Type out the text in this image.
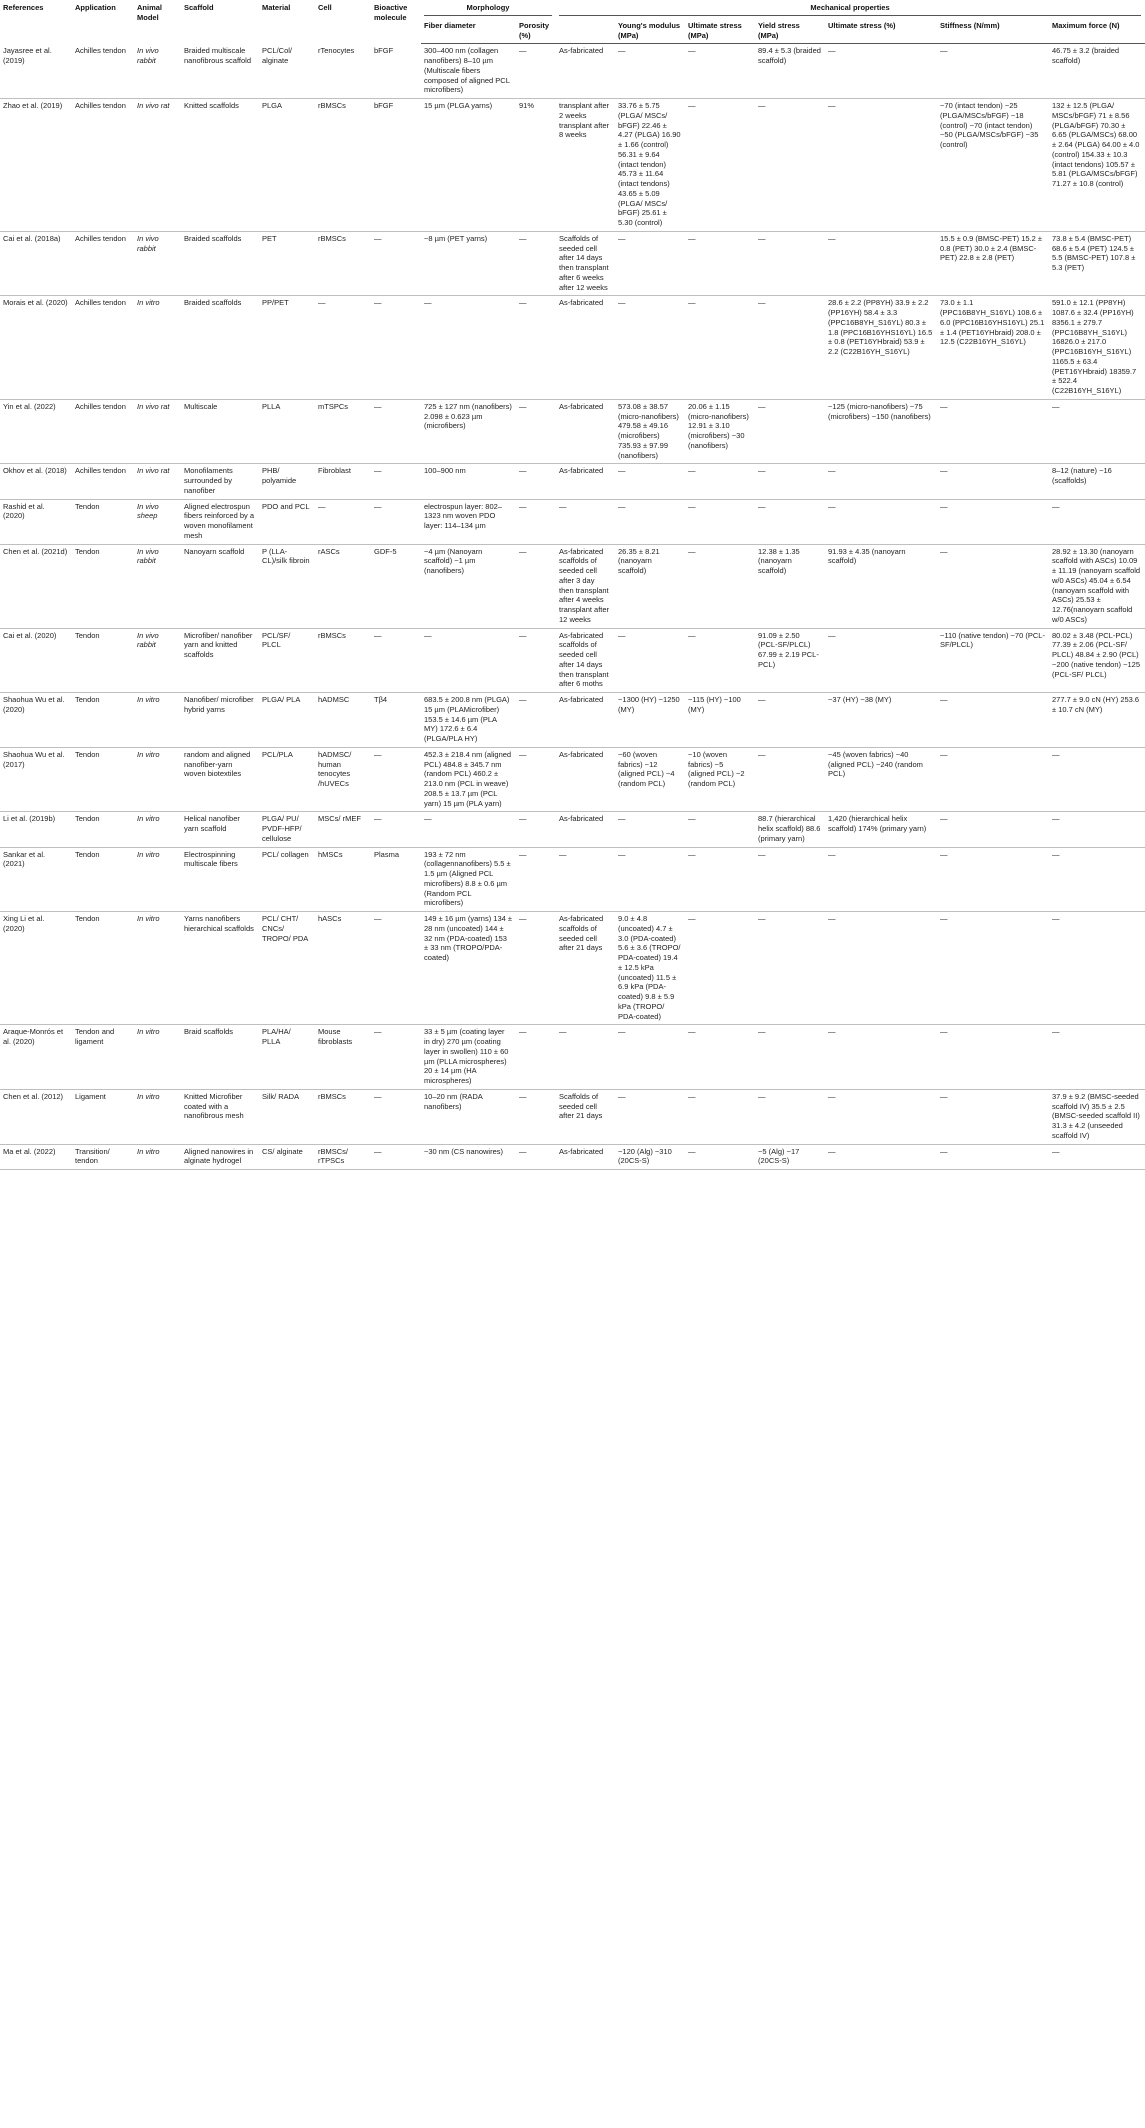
References	Application	Animal Model	Scaffold	Material	Cell	Bioactive molecule	Morphology		Mechanical properties						

							Fiber diameter	Porosity (%)		Young's modulus (MPa)	Ultimate stress (MPa)	Yield stress (MPa)	Ultimate stress (%)	Stiffness (N/mm)	Maximum force (N)
Jayasree et al. (2019)	Achilles tendon	In vivo rabbit	Braided multiscale nanofibrous scaffold	PCL/Col/ alginate	rTenocytes	bFGF	300–400 nm (collagen nanofibers) 8–10 µm (Multiscale fibers composed of aligned PCL microfibers)	—	As-fabricated	—	—	89.4 ± 5.3 (braided scaffold)	—	—	46.75 ± 3.2 (braided scaffold)
Zhao et al. (2019)	Achilles tendon	In vivo rat	Knitted scaffolds	PLGA	rBMSCs	bFGF	15 µm (PLGA yarns)	91%	transplant after 2 weeks transplant after 8 weeks	33.76 ± 5.75 (PLGA/ MSCs/ bFGF) 22.46 ± 4.27 (PLGA) 16.90 ± 1.66 (control) 56.31 ± 9.64 (intact tendon) 45.73 ± 11.64 (intact tendons) 43.65 ± 5.09 (PLGA/ MSCs/ bFGF) 25.61 ± 5.30 (control)	—	—	—	~70 (intact tendon) ~25 (PLGA/MSCs/bFGF) ~18 (control) ~70 (intact tendon) ~50 (PLGA/MSCs/bFGF) ~35 (control)	132 ± 12.5 (PLGA/ MSCs/bFGF) 71 ± 8.56 (PLGA/bFGF) 70.30 ± 6.65 (PLGA/MSCs) 68.00 ± 2.64 (PLGA) 64.00 ± 4.0 (control) 154.33 ± 10.3 (intact tendons) 105.57 ± 5.81 (PLGA/MSCs/bFGF) 71.27 ± 10.8 (control)
Cai et al. (2018a)	Achilles tendon	In vivo rabbit	Braided scaffolds	PET	rBMSCs	—	~8 µm (PET yarns)	—	Scaffolds of seeded cell after 14 days then transplant after 6 weeks after 12 weeks	—	—	—	—	15.5 ± 0.9 (BMSC-PET) 15.2 ± 0.8 (PET) 30.0 ± 2.4 (BMSC-PET) 22.8 ± 2.8 (PET)	73.8 ± 5.4 (BMSC-PET) 68.6 ± 5.4 (PET) 124.5 ± 5.5 (BMSC-PET) 107.8 ± 5.3 (PET)
Morais et al. (2020)	Achilles tendon	In vitro	Braided scaffolds	PP/PET	—	—	—	—	As-fabricated	—	—	—	28.6 ± 2.2 (PP8YH) 33.9 ± 2.2 (PP16YH) 58.4 ± 3.3 (PPC16B8YH_S16YL) 80.3 ± 1.8 (PPC16B16YHS16YL) 16.5 ± 0.8 (PET16YHbraid) 53.9 ± 2.2 (C22B16YH_S16YL)	73.0 ± 1.1 (PPC16B8YH_S16YL) 108.6 ± 6.0 (PPC16B16YHS16YL) 25.1 ± 1.4 (PET16YHbraid) 208.0 ± 12.5 (C22B16YH_S16YL)	591.0 ± 12.1 (PP8YH) 1087.6 ± 32.4 (PP16YH) 8356.1 ± 279.7 (PPC16B8YH_S16YL) 16826.0 ± 217.0 (PPC16B16YH_S16YL) 1165.5 ± 63.4 (PET16YHbraid) 18359.7 ± 522.4 (C22B16YH_S16YL)
Yin et al. (2022)	Achilles tendon	In vivo rat	Multiscale	PLLA	mTSPCs	—	725 ± 127 nm (nanofibers) 2.098 ± 0.623 µm (microfibers)	—	As-fabricated	573.08 ± 38.57 (micro-nanofibers) 479.58 ± 49.16 (microfibers) 735.93 ± 97.99 (nanofibers)	20.06 ± 1.15 (micro-nanofibers) 12.91 ± 3.10 (microfibers) ~30 (nanofibers)	—	~125 (micro-nanofibers) ~75 (microfibers) ~150 (nanofibers)	—	—
Okhov et al. (2018)	Achilles tendon	In vivo rat	Monofilaments surrounded by nanofiber	PHB/ polyamide	Fibroblast	—	100–900 nm	—	As-fabricated	—	—	—	—	—	8–12 (nature) ~16 (scaffolds)
Rashid et al. (2020)	Tendon	In vivo sheep	Aligned electrospun fibers reinforced by a woven monofilament mesh	PDO and PCL	—	—	electrospun layer: 802–1323 nm woven PDO layer: 114–134 µm	—	—	—	—	—	—	—	—
Chen et al. (2021d)	Tendon	In vivo rabbit	Nanoyarn scaffold	P (LLA-CL)/silk fibroin	rASCs	GDF-5	~4 µm (Nanoyarn scaffold) ~1 µm (nanofibers)	—	As-fabricated scaffolds of seeded cell after 3 day then transplant after 4 weeks transplant after 12 weeks	26.35 ± 8.21 (nanoyarn scaffold)	—	12.38 ± 1.35 (nanoyarn scaffold)	91.93 ± 4.35 (nanoyarn scaffold)	—	28.92 ± 13.30 (nanoyarn scaffold with ASCs) 10.09 ± 11.19 (nanoyarn scaffold w/0 ASCs) 45.04 ± 6.54 (nanoyarn scaffold with ASCs) 25.53 ± 12.76(nanoyarn scaffold w/0 ASCs)
Cai et al. (2020)	Tendon	In vivo rabbit	Microfiber/ nanofiber yarn and knitted scaffolds	PCL/SF/ PLCL	rBMSCs	—	—	—	As-fabricated scaffolds of seeded cell after 14 days then transplant after 6 moths	—	—	91.09 ± 2.50 (PCL-SF/PLCL) 67.99 ± 2.19 PCL-PCL)	—	~110 (native tendon) ~70 (PCL-SF/PLCL)	80.02 ± 3.48 (PCL-PCL) 77.39 ± 2.06 (PCL-SF/ PLCL) 48.84 ± 2.90 (PCL) ~200 (native tendon) ~125 (PCL-SF/ PLCL)
Shaohua Wu et al. (2020)	Tendon	In vitro	Nanofiber/ microfiber hybrid yarns	PLGA/ PLA	hADMSC	Tβ4	683.5 ± 200.8 nm (PLGA) 15 µm (PLAMicrofiber) 153.5 ± 14.6 µm (PLA MY) 172.6 ± 6.4 (PLGA/PLA HY)	—	As-fabricated	~1300 (HY) ~1250 (MY)	~115 (HY) ~100 (MY)	—	~37 (HY) ~38 (MY)	—	277.7 ± 9.0 cN (HY) 253.6 ± 10.7 cN (MY)
Shaohua Wu et al. (2017)	Tendon	In vitro	random and aligned nanofiber-yarn woven biotextiles	PCL/PLA	hADMSC/ human tenocytes /hUVECs	—	452.3 ± 218.4 nm (aligned PCL) 484.8 ± 345.7 nm (random PCL) 460.2 ± 213.0 nm (PCL in weave) 208.5 ± 13.7 µm (PCL yarn) 15 µm (PLA yarn)	—	As-fabricated	~60 (woven fabrics) ~12 (aligned PCL) ~4 (random PCL)	~10 (woven fabrics) ~5 (aligned PCL) ~2 (random PCL)	—	~45 (woven fabrics) ~40 (aligned PCL) ~240 (random PCL)	—	—
Li et al. (2019b)	Tendon	In vitro	Helical nanofiber yarn scaffold	PLGA/ PU/ PVDF-HFP/ cellulose	MSCs/ rMEF	—	—	—	As-fabricated	—	—	88.7 (hierarchical helix scaffold) 88.6 (primary yarn)	1,420 (hierarchical helix scaffold) 174% (primary yarn)	—	—
Sankar et al. (2021)	Tendon	In vitro	Electrospinning multiscale fibers	PCL/ collagen	hMSCs	Plasma	193 ± 72 nm (collagennanofibers) 5.5 ± 1.5 µm (Aligned PCL microfibers) 8.8 ± 0.6 µm (Random PCL microfibers)	—	—	—	—	—	—	—	—
Xing Li et al. (2020)	Tendon	In vitro	Yarns nanofibers hierarchical scaffolds	PCL/ CHT/ CNCs/ TROPO/ PDA	hASCs	—	149 ± 16 µm (yarns) 134 ± 28 nm (uncoated) 144 ± 32 nm (PDA-coated) 153 ± 33 nm (TROPO/PDA-coated)	—	As-fabricated scaffolds of seeded cell after 21 days	9.0 ± 4.8 (uncoated) 4.7 ± 3.0 (PDA-coated) 5.6 ± 3.6 (TROPO/ PDA-coated) 19.4 ± 12.5 kPa (uncoated) 11.5 ± 6.9 kPa (PDA-coated) 9.8 ± 5.9 kPa (TROPO/ PDA-coated)	—	—	—	—	—
Araque-Monrós et al. (2020)	Tendon and ligament	In vitro	Braid scaffolds	PLA/HA/ PLLA	Mouse fibroblasts	—	33 ± 5 µm (coating layer in dry) 270 µm (coating layer in swollen) 110 ± 60 µm (PLLA microspheres) 20 ± 14 µm (HA microspheres)	—	—	—	—	—	—	—	—
Chen et al. (2012)	Ligament	In vitro	Knitted Microfiber coated with a nanofibrous mesh	Silk/ RADA	rBMSCs	—	10–20 nm (RADA nanofibers)	—	Scaffolds of seeded cell after 21 days	—	—	—	—	—	37.9 ± 9.2 (BMSC-seeded scaffold IV) 35.5 ± 2.5 (BMSC-seeded scaffold II) 31.3 ± 4.2 (unseeded scaffold IV)
Ma et al. (2022)	Transition/ tendon	In vitro	Aligned nanowires in alginate hydrogel	CS/ alginate	rBMSCs/ rTPSCs	—	~30 nm (CS nanowires)	—	As-fabricated	~120 (Alg) ~310 (20CS-S)	—	~5 (Alg) ~17 (20CS-S)	—	—	—
